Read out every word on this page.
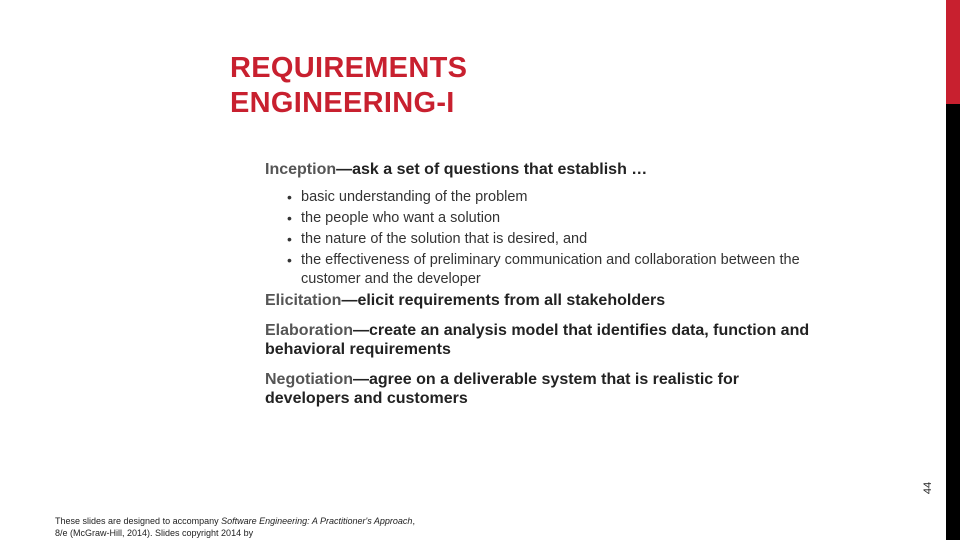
REQUIREMENTS
ENGINEERING-I

Inception—ask a set of questions that establish …

• basic understanding of the problem
• the people who want a solution
• the nature of the solution that is desired, and
• the effectiveness of preliminary communication and collaboration between the customer and the developer

Elicitation—elicit requirements from all stakeholders

Elaboration—create an analysis model that identifies data, function and behavioral requirements

Negotiation—agree on a deliverable system that is realistic for developers and customers

These slides are designed to accompany Software Engineering: A Practitioner's Approach, 8/e (McGraw-Hill, 2014). Slides copyright 2014 by
44
